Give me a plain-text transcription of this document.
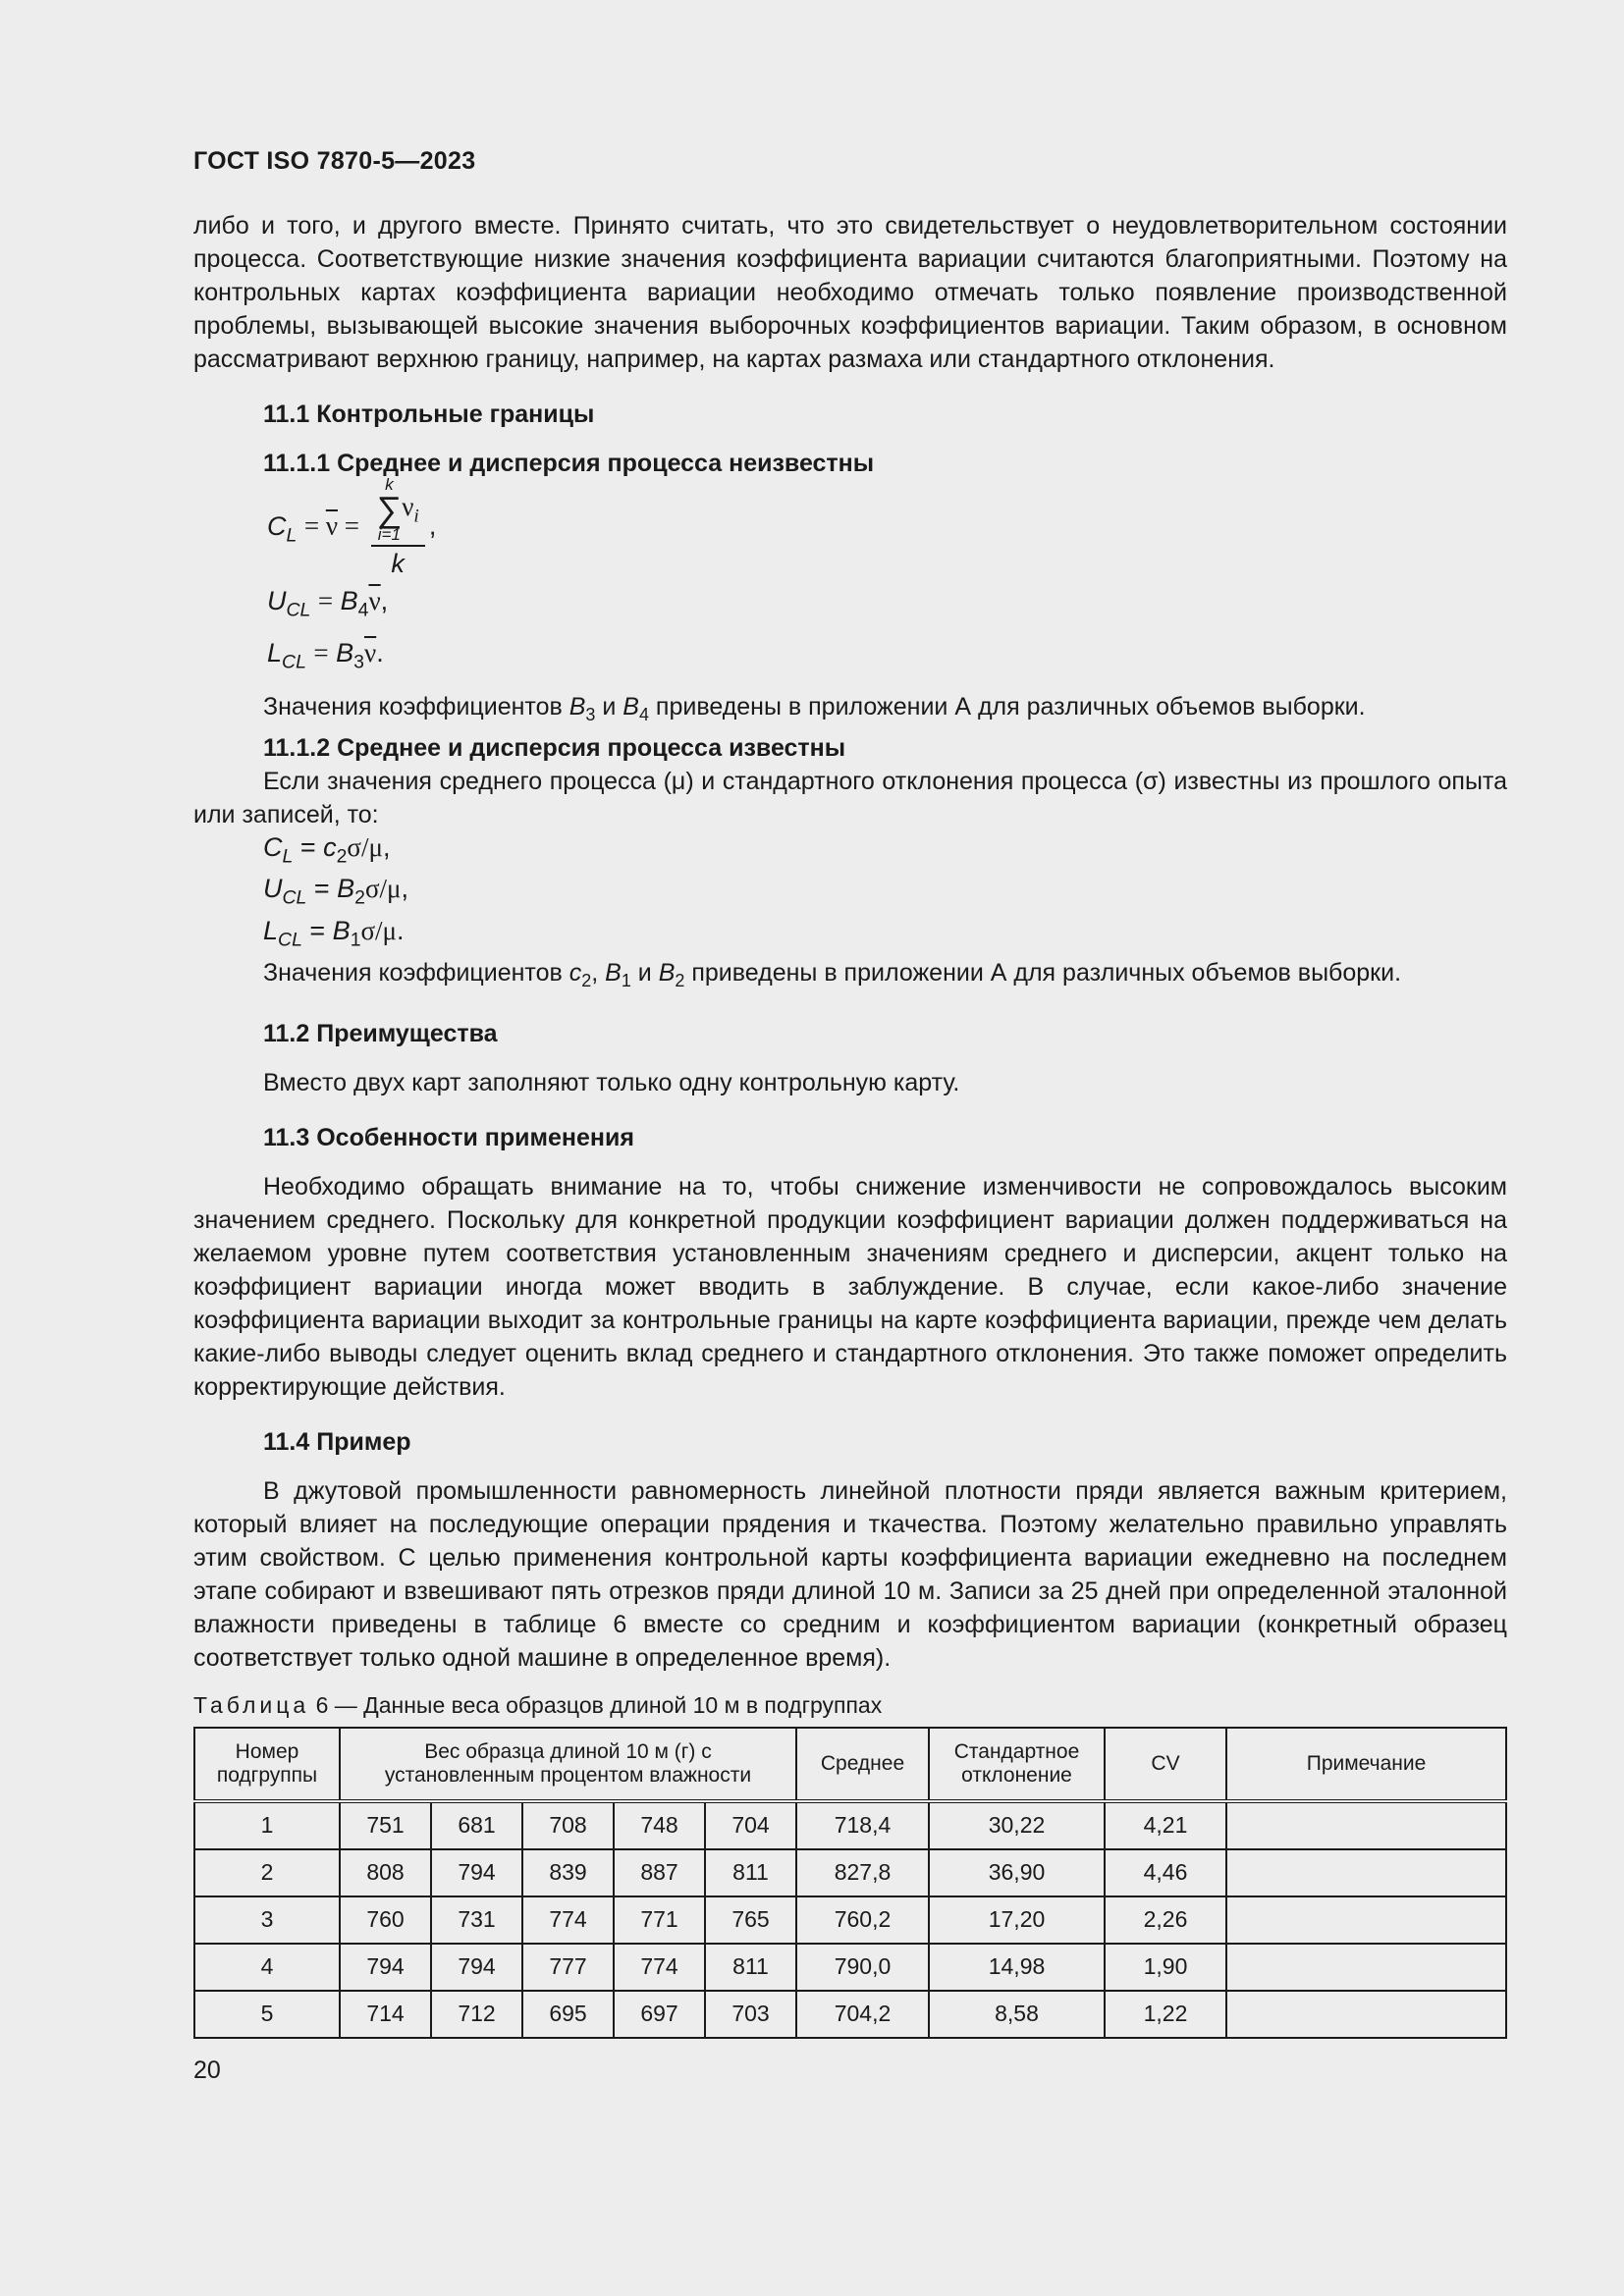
ГОСТ ISO 7870-5—2023

либо и того, и другого вместе. Принято считать, что это свидетельствует о неудовлетворительном состоянии процесса. Соответствующие низкие значения коэффициента вариации считаются благоприятными. Поэтому на контрольных картах коэффициента вариации необходимо отмечать только появление производственной проблемы, вызывающей высокие значения выборочных коэффициентов вариации. Таким образом, в основном рассматривают верхнюю границу, например, на картах размаха или стандартного отклонения.

11.1 Контрольные границы
11.1.1 Среднее и дисперсия процесса неизвестны
$C_L = \overline{\nu} = k$
∑
i=1
$\nu_i$
k ,
$U_{CL} = B_4\overline{\nu}$,
$L_{CL} = B_3\overline{\nu}$.

Значения коэффициентов $B_3$ и $B_4$ приведены в приложении А для различных объемов выборки.

11.1.2 Среднее и дисперсия процесса известны

Если значения среднего процесса (μ) и стандартного отклонения процесса (σ) известны из прошлого опыта или записей, то:

$C_L = c_2\sigma/\mu$,
$U_{CL} = B_2\sigma/\mu$,
$L_{CL} = B_1\sigma/\mu$.

Значения коэффициентов $c_2$, $B_1$ и $B_2$ приведены в приложении А для различных объемов выборки.

11.2 Преимущества

Вместо двух карт заполняют только одну контрольную карту.

11.3 Особенности применения

Необходимо обращать внимание на то, чтобы снижение изменчивости не сопровождалось высоким значением среднего. Поскольку для конкретной продукции коэффициент вариации должен поддерживаться на желаемом уровне путем соответствия установленным значениям среднего и дисперсии, акцент только на коэффициент вариации иногда может вводить в заблуждение. В случае, если какое-либо значение коэффициента вариации выходит за контрольные границы на карте коэффициента вариации, прежде чем делать какие-либо выводы следует оценить вклад среднего и стандартного отклонения. Это также поможет определить корректирующие действия.

11.4 Пример

В джутовой промышленности равномерность линейной плотности пряди является важным критерием, который влияет на последующие операции прядения и ткачества. Поэтому желательно правильно управлять этим свойством. С целью применения контрольной карты коэффициента вариации ежедневно на последнем этапе собирают и взвешивают пять отрезков пряди длиной 10 м. Записи за 25 дней при определенной эталонной влажности приведены в таблице 6 вместе со средним и коэффициентом вариации (конкретный образец соответствует только одной машине в определенное время).

Таблица 6 — Данные веса образцов длиной 10 м в подгруппах
Номер подгруппы	Вес образца длиной 10 м (г) с установленным процентом влажности					Среднее	Стандартное отклонение	CV	Примечание
1	751	681	708	748	704	718,4	30,22	4,21	
2	808	794	839	887	811	827,8	36,90	4,46	
3	760	731	774	771	765	760,2	17,20	2,26	
4	794	794	777	774	811	790,0	14,98	1,90	
5	714	712	695	697	703	704,2	8,58	1,22	
20
